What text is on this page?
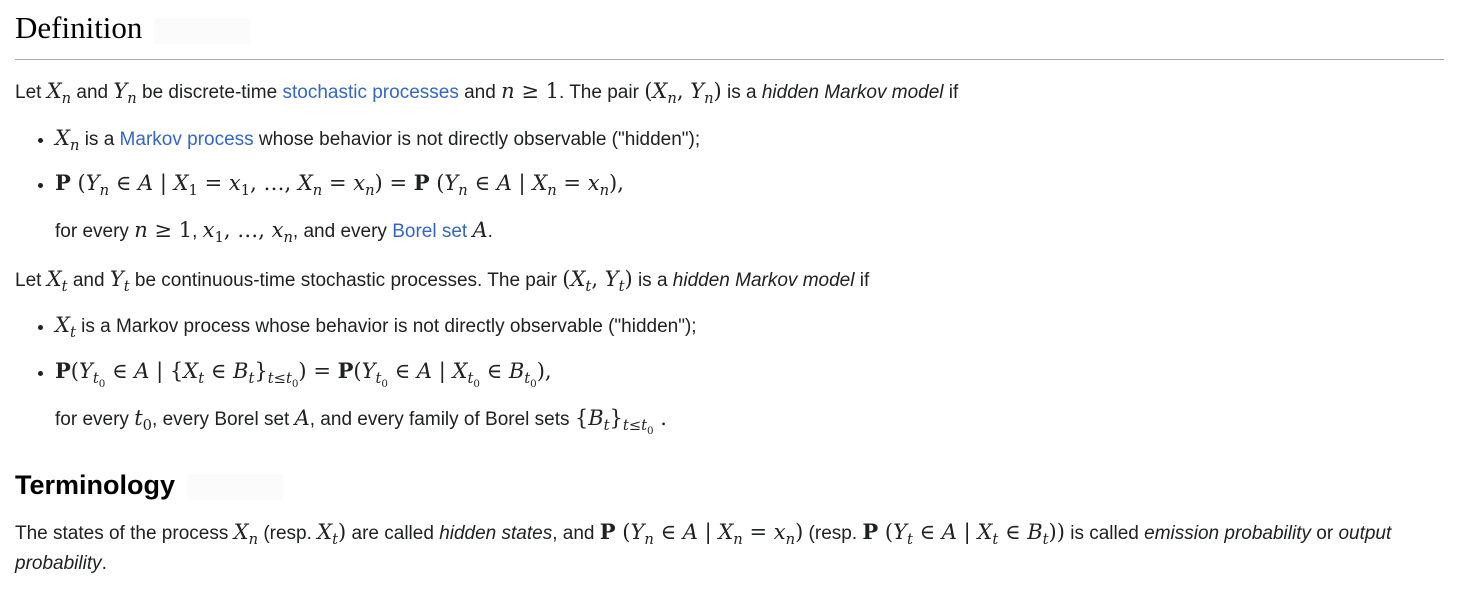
Definition

Let $X_n$ and $Y_n$ be discrete-time stochastic processes and n ≥ 1. The pair ($X_n$, $Y_n$) is a hidden Markov model if

• $X_n$ is a Markov process whose behavior is not directly observable ("hidden");
• P ($Y_n$ ∈ A | $X_1 = x_1$, …, $X_n = x_n) = P$ ($Y_n$ ∈ A | $X_n = x_n$),
for every n ≥ 1, $x_1$, …, $x_n$, and every Borel set A.

Let $X_t$ and $Y_t$ be continuous-time stochastic processes. The pair ($X_t$, $Y_t$) is a hidden Markov model if

• $X_t$ is a Markov process whose behavior is not directly observable ("hidden");
• $P(Y_{t_0}$ ∈ A | {$X_t$ ∈ $B_t\}_{t\le t_0}) = P(Y_{t_0}$ ∈ A | $X_{t_0}$ ∈ $B_{t_0}$),
for every $t_0$, every Borel set A, and every family of Borel sets $\{B_t\}_{t\le t_0}$ .
Terminology

The states of the process $X_n$ (resp. $X_t$) are called hidden states, and P ($Y_n$ ∈ A | $X_n = x_n$) (resp. P ($Y_t$ ∈ A | $X_t$ ∈ $B_t$)) is called emission probability or output probability.
